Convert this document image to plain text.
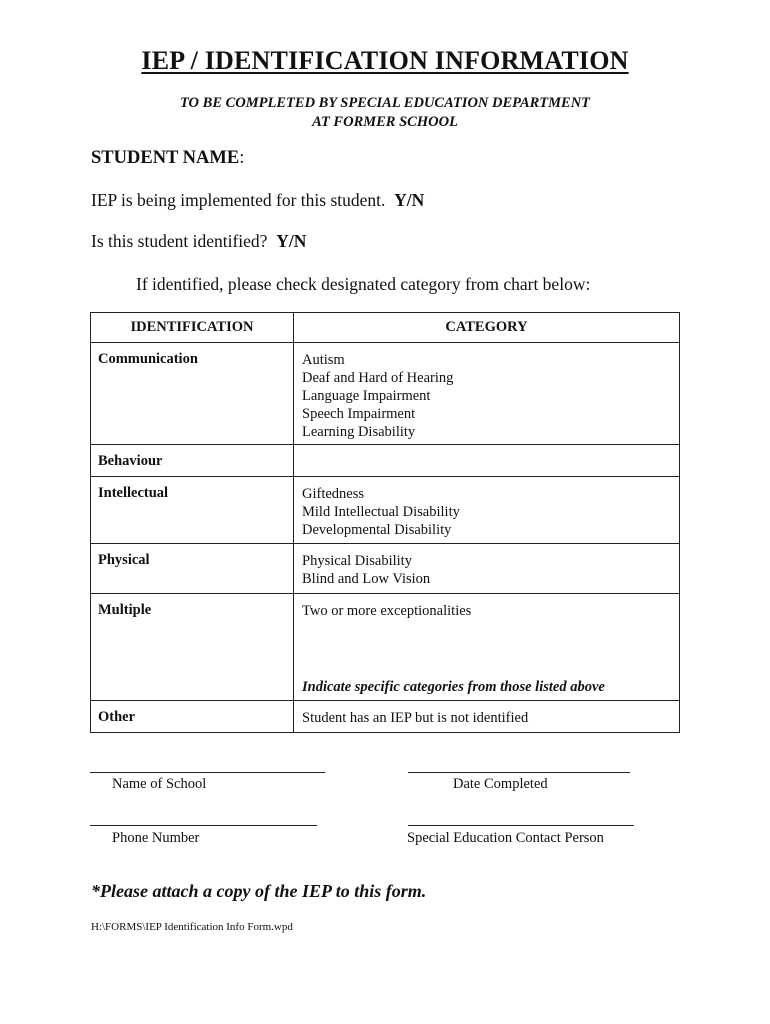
IEP / IDENTIFICATION INFORMATION
TO BE COMPLETED BY SPECIAL EDUCATION DEPARTMENT
AT FORMER SCHOOL
STUDENT NAME:
IEP is being implemented for this student. Y/N
Is this student identified? Y/N
If identified, please check designated category from chart below:
IDENTIFICATION	CATEGORY
Communication	Autism
Deaf and Hard of Hearing
Language Impairment
Speech Impairment
Learning Disability

Behaviour	
Intellectual	Giftedness
Mild Intellectual Disability
Developmental Disability

Physical	Physical Disability
Blind and Low Vision

Multiple	Two or more exceptionalities
Indicate specific categories from those listed above

Other	Student has an IEP but is not identified
Name of School	Date Completed
Phone Number	Special Education Contact Person
*Please attach a copy of the IEP to this form.
H:\FORMS\IEP Identification Info Form.wpd
